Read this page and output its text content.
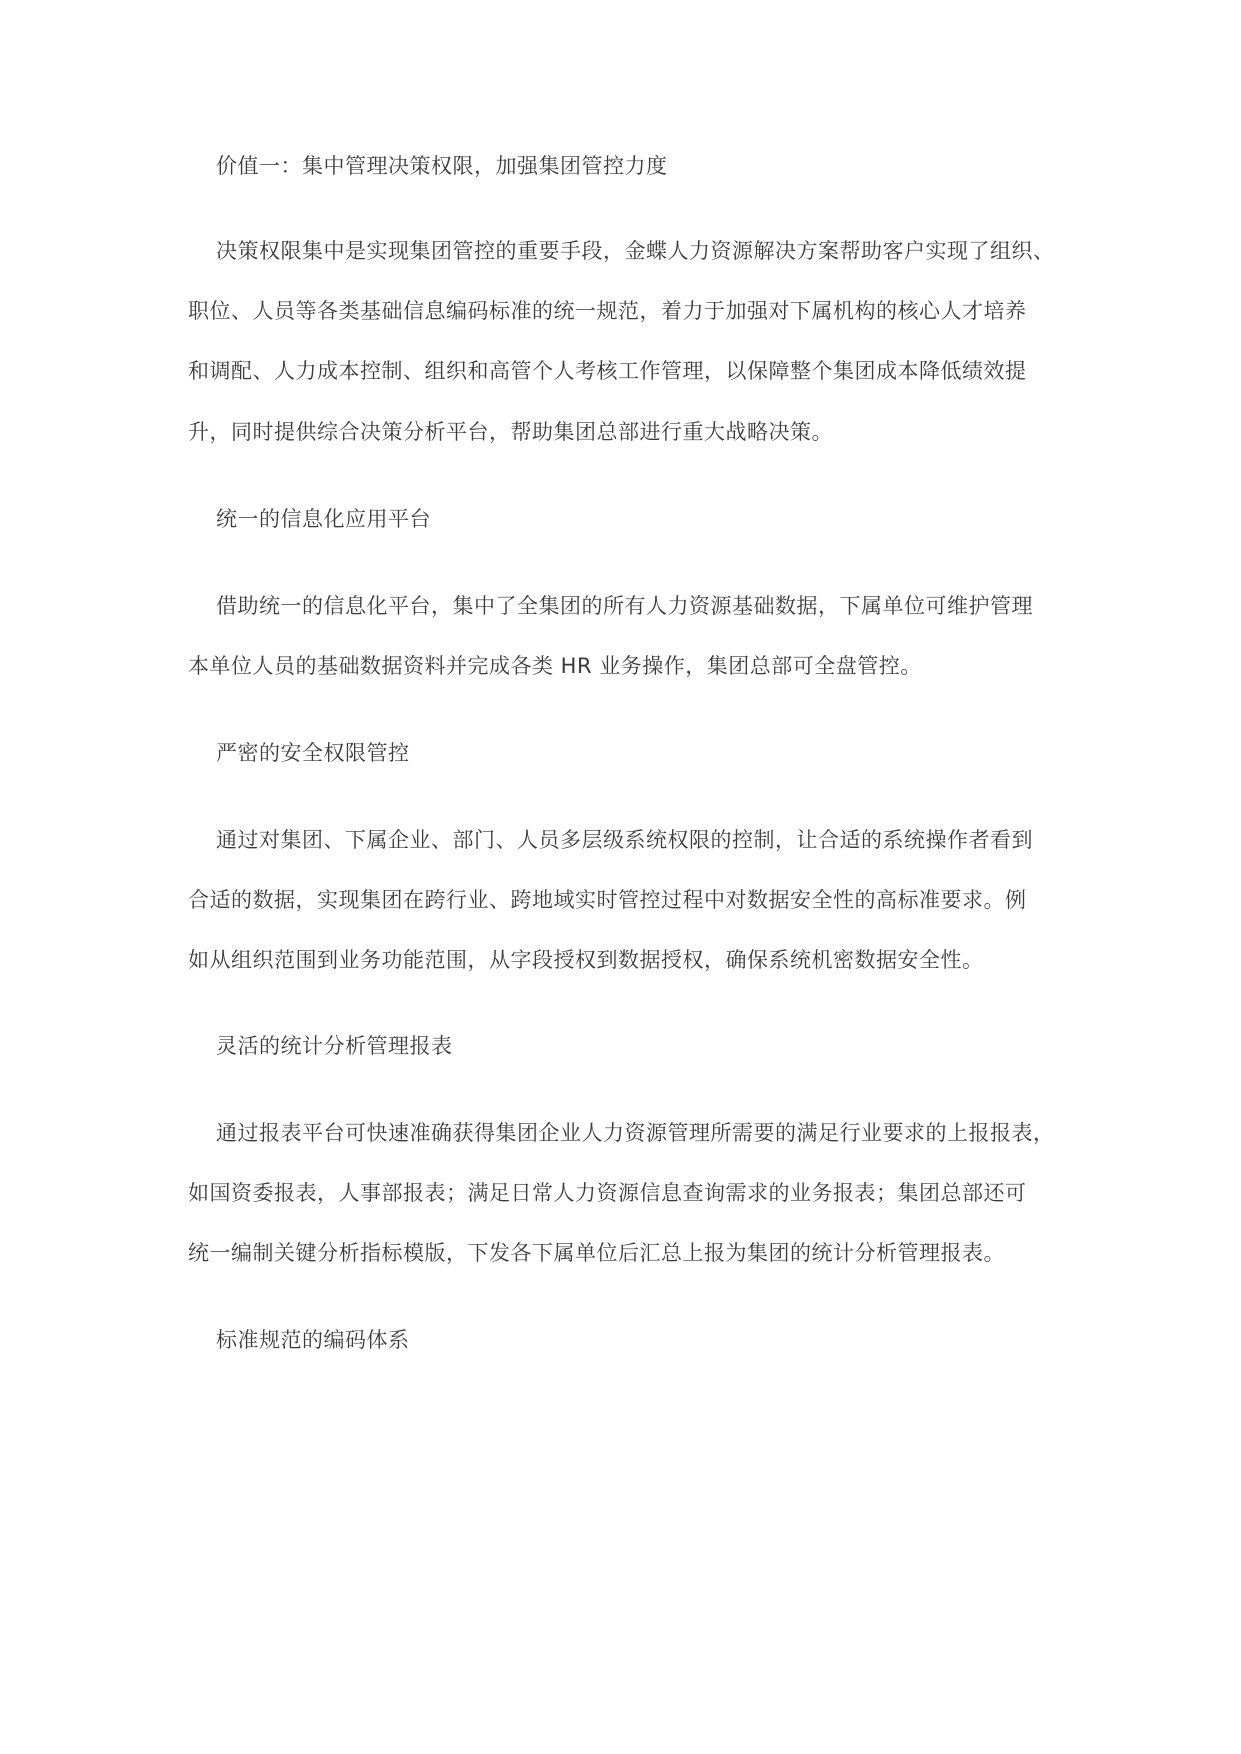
价值一：集中管理决策权限，加强集团管控力度
决策权限集中是实现集团管控的重要手段，金蝶人力资源解决方案帮助客户实现了组织、
职位、人员等各类基础信息编码标准的统一规范，着力于加强对下属机构的核心人才培养
和调配、人力成本控制、组织和高管个人考核工作管理，以保障整个集团成本降低绩效提
升，同时提供综合决策分析平台，帮助集团总部进行重大战略决策。
统一的信息化应用平台
借助统一的信息化平台，集中了全集团的所有人力资源基础数据，下属单位可维护管理
本单位人员的基础数据资料并完成各类 HR 业务操作，集团总部可全盘管控。
严密的安全权限管控
通过对集团、下属企业、部门、人员多层级系统权限的控制，让合适的系统操作者看到
合适的数据，实现集团在跨行业、跨地域实时管控过程中对数据安全性的高标准要求。例
如从组织范围到业务功能范围，从字段授权到数据授权，确保系统机密数据安全性。
灵活的统计分析管理报表
通过报表平台可快速准确获得集团企业人力资源管理所需要的满足行业要求的上报报表，
如国资委报表，人事部报表；满足日常人力资源信息查询需求的业务报表；集团总部还可
统一编制关键分析指标模版，下发各下属单位后汇总上报为集团的统计分析管理报表。
标准规范的编码体系
